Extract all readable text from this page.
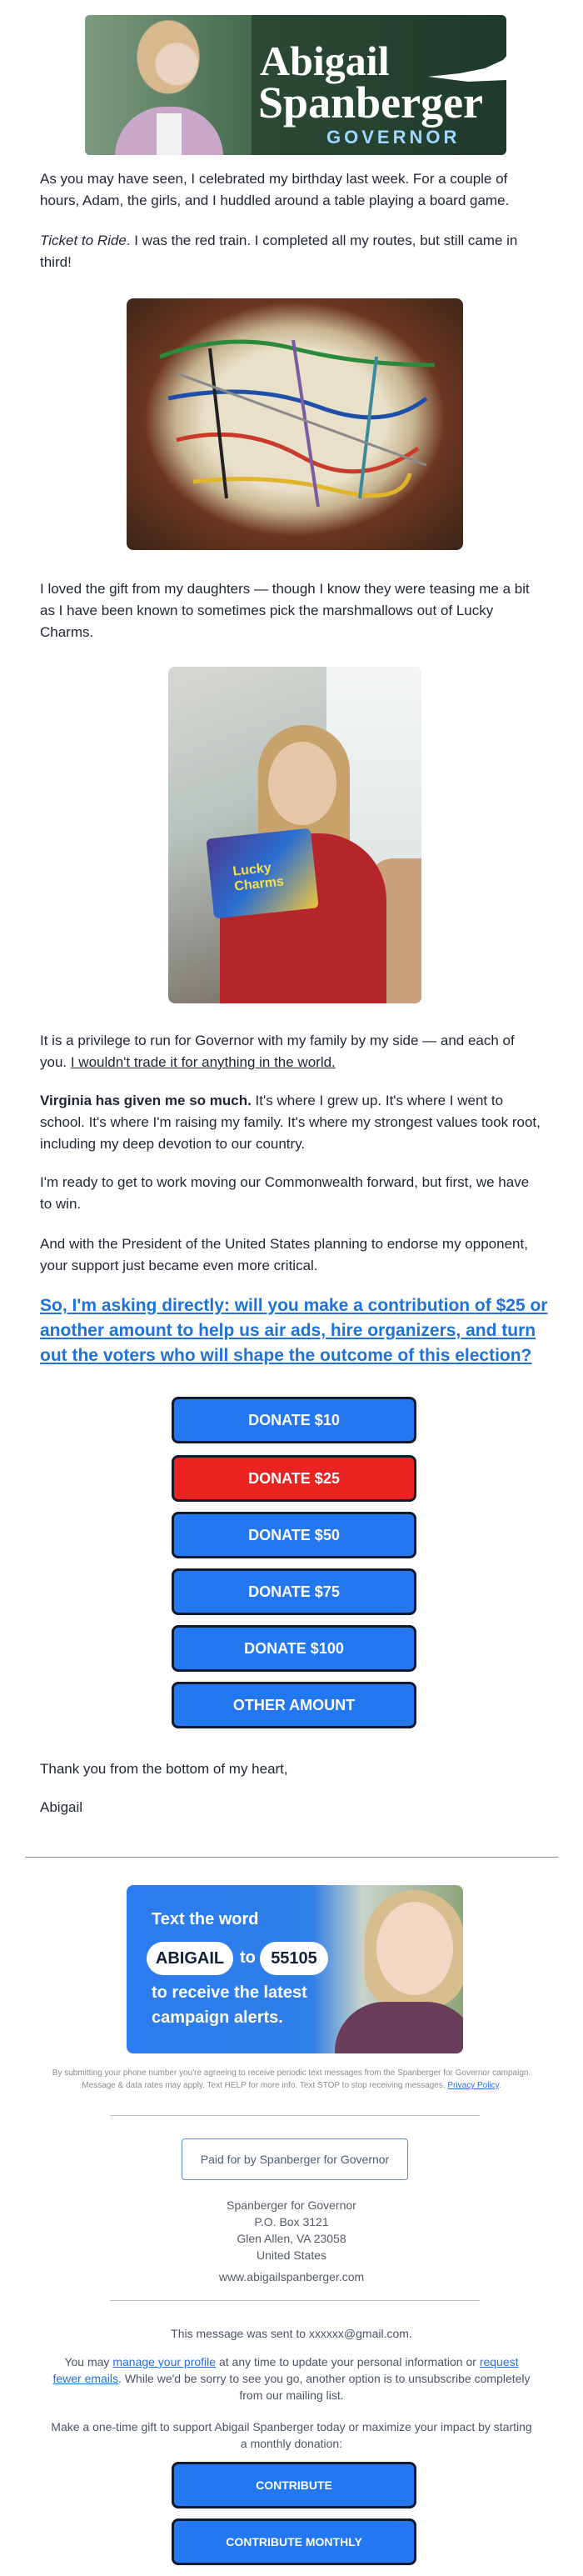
Abigail
Spanberger
GOVERNOR
As you may have seen, I celebrated my birthday last week. For a couple of hours, Adam, the girls, and I huddled around a table playing a board game.
Ticket to Ride. I was the red train. I completed all my routes, but still came in third!
I loved the gift from my daughters — though I know they were teasing me a bit as I have been known to sometimes pick the marshmallows out of Lucky Charms.
Lucky Charms
It is a privilege to run for Governor with my family by my side — and each of you. I wouldn't trade it for anything in the world.
Virginia has given me so much. It's where I grew up. It's where I went to school. It's where I'm raising my family. It's where my strongest values took root, including my deep devotion to our country.
I'm ready to get to work moving our Commonwealth forward, but first, we have to win.
And with the President of the United States planning to endorse my opponent, your support just became even more critical.
So, I'm asking directly: will you make a contribution of $25 or another amount to help us air ads, hire organizers, and turn out the voters who will shape the outcome of this election?
DONATE $10
DONATE $25
DONATE $50
DONATE $75
DONATE $100
OTHER AMOUNT
Thank you from the bottom of my heart,
Abigail
Text the word
ABIGAIL to 55105
to receive the latest
campaign alerts.
By submitting your phone number you're agreeing to receive periodic text messages from the Spanberger for Governor campaign. Message & data rates may apply. Text HELP for more info. Text STOP to stop receiving messages. Privacy Policy.
Paid for by Spanberger for Governor
Spanberger for Governor
P.O. Box 3121
Glen Allen, VA 23058
United States
www.abigailspanberger.com
This message was sent to xxxxxx@gmail.com.
You may manage your profile at any time to update your personal information or request fewer emails. While we'd be sorry to see you go, another option is to unsubscribe completely from our mailing list.
Make a one-time gift to support Abigail Spanberger today or maximize your impact by starting a monthly donation:
CONTRIBUTE
CONTRIBUTE MONTHLY
